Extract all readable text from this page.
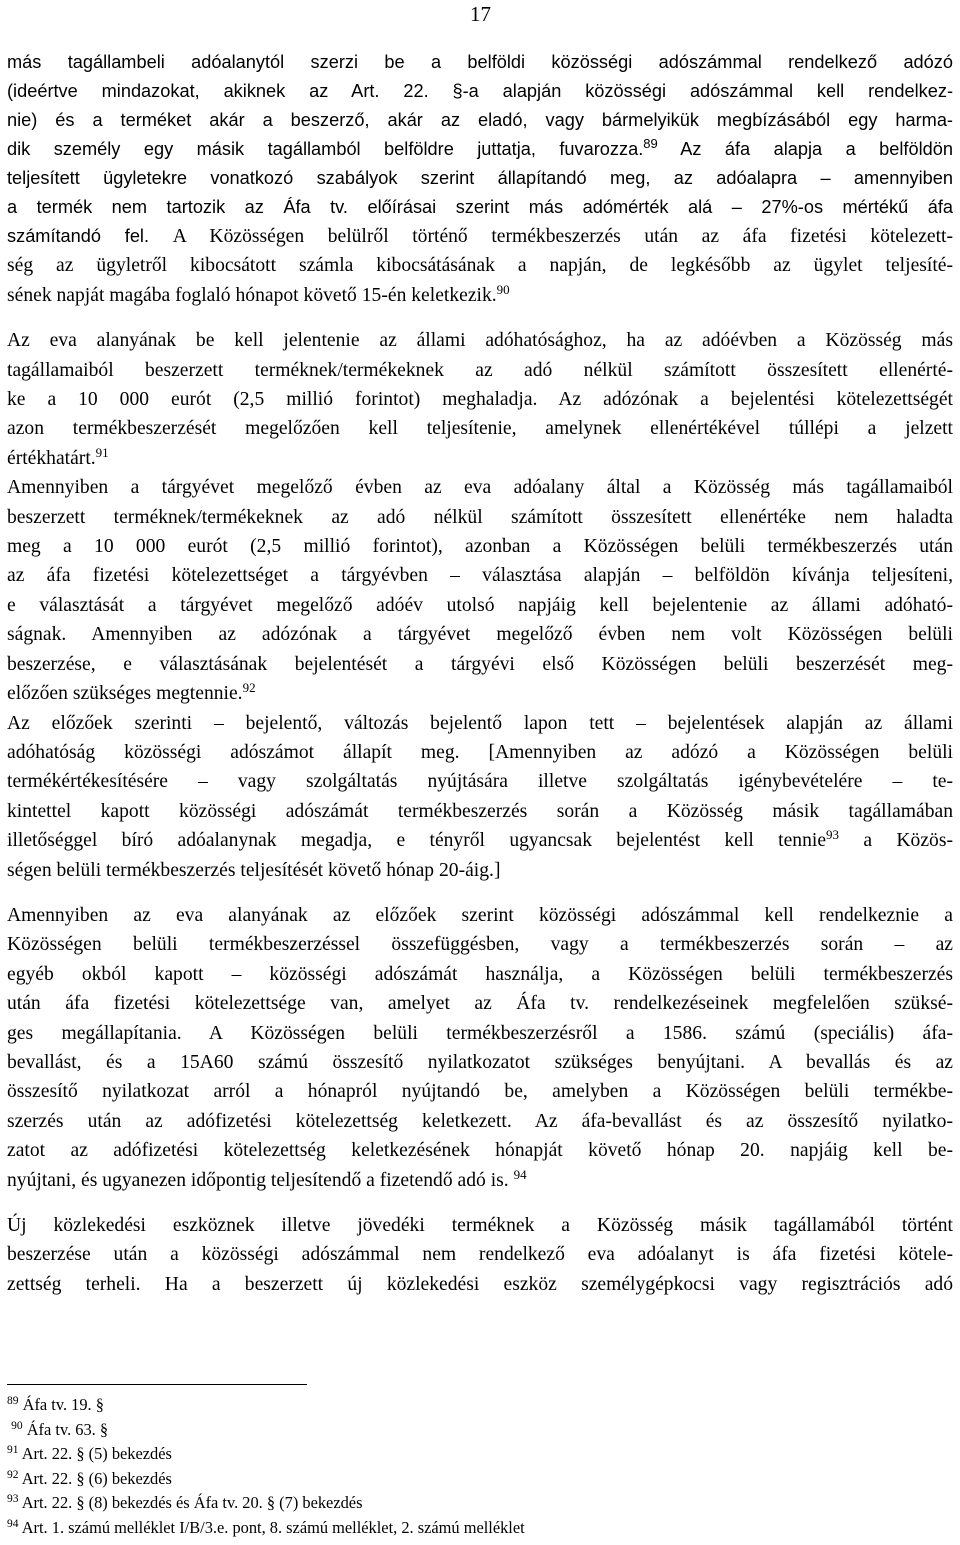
17
más tagállambeli adóalanytól szerzi be a belföldi közösségi adószámmal rendelkező adózó
(ideértve mindazokat, akiknek az Art. 22. §-a alapján közösségi adószámmal kell rendelkez-
nie) és a terméket akár a beszerző, akár az eladó, vagy bármelyikük megbízásából egy harma-
dik személy egy másik tagállamból belföldre juttatja, fuvarozza.$^{89}$ Az áfa alapja a belföldön
teljesített ügyletekre vonatkozó szabályok szerint állapítandó meg, az adóalapra – amennyiben
a termék nem tartozik az Áfa tv. előírásai szerint más adómérték alá – 27%-os mértékű áfa
számítandó fel. A Közösségen belülről történő termékbeszerzés után az áfa fizetési kötelezett-
ség az ügyletről kibocsátott számla kibocsátásának a napján, de legkésőbb az ügylet teljesíté-
sének napját magába foglaló hónapot követő 15-én keletkezik.$^{90}$
Az eva alanyának be kell jelentenie az állami adóhatósághoz, ha az adóévben a Közösség más
tagállamaiból beszerzett terméknek/termékeknek az adó nélkül számított összesített ellenérté-
ke a 10 000 eurót (2,5 millió forintot) meghaladja. Az adózónak a bejelentési kötelezettségét
azon termékbeszerzését megelőzően kell teljesítenie, amelynek ellenértékével túllépi a jelzett
értékhatárt.$^{91}$
Amennyiben a tárgyévet megelőző évben az eva adóalany által a Közösség más tagállamaiból
beszerzett terméknek/termékeknek az adó nélkül számított összesített ellenértéke nem haladta
meg a 10 000 eurót (2,5 millió forintot), azonban a Közösségen belüli termékbeszerzés után
az áfa fizetési kötelezettséget a tárgyévben – választása alapján – belföldön kívánja teljesíteni,
e választását a tárgyévet megelőző adóév utolsó napjáig kell bejelentenie az állami adóható-
ságnak. Amennyiben az adózónak a tárgyévet megelőző évben nem volt Közösségen belüli
beszerzése, e választásának bejelentését a tárgyévi első Közösségen belüli beszerzését meg-
előzően szükséges megtennie.$^{92}$
Az előzőek szerinti – bejelentő, változás bejelentő lapon tett – bejelentések alapján az állami
adóhatóság közösségi adószámot állapít meg. [Amennyiben az adózó a Közösségen belüli
termékértékesítésére – vagy szolgáltatás nyújtására illetve szolgáltatás igénybevételére – te-
kintettel kapott közösségi adószámát termékbeszerzés során a Közösség másik tagállamában
illetőséggel bíró adóalanynak megadja, e tényről ugyancsak bejelentést kell tennie$^{93}$ a Közös-
ségen belüli termékbeszerzés teljesítését követő hónap 20-áig.]
Amennyiben az eva alanyának az előzőek szerint közösségi adószámmal kell rendelkeznie a
Közösségen belüli termékbeszerzéssel összefüggésben, vagy a termékbeszerzés során – az
egyéb okból kapott – közösségi adószámát használja, a Közösségen belüli termékbeszerzés
után áfa fizetési kötelezettsége van, amelyet az Áfa tv. rendelkezéseinek megfelelően szüksé-
ges megállapítania. A Közösségen belüli termékbeszerzésről a 1586. számú (speciális) áfa-
bevallást, és a 15A60 számú összesítő nyilatkozatot szükséges benyújtani. A bevallás és az
összesítő nyilatkozat arról a hónapról nyújtandó be, amelyben a Közösségen belüli termékbe-
szerzés után az adófizetési kötelezettség keletkezett. Az áfa-bevallást és az összesítő nyilatko-
zatot az adófizetési kötelezettség keletkezésének hónapját követő hónap 20. napjáig kell be-
nyújtani, és ugyanezen időpontig teljesítendő a fizetendő adó is. $^{94}$
Új közlekedési eszköznek illetve jövedéki terméknek a Közösség másik tagállamából történt
beszerzése után a közösségi adószámmal nem rendelkező eva adóalanyt is áfa fizetési kötele-
zettség terheli. Ha a beszerzett új közlekedési eszköz személygépkocsi vagy regisztrációs adó
$^{89}$ Áfa tv. 19. §
$^{90}$ Áfa tv. 63. §
$^{91}$ Art. 22. § (5) bekezdés
$^{92}$ Art. 22. § (6) bekezdés
$^{93}$ Art. 22. § (8) bekezdés és Áfa tv. 20. § (7) bekezdés
$^{94}$ Art. 1. számú melléklet I/B/3.e. pont, 8. számú melléklet, 2. számú melléklet
